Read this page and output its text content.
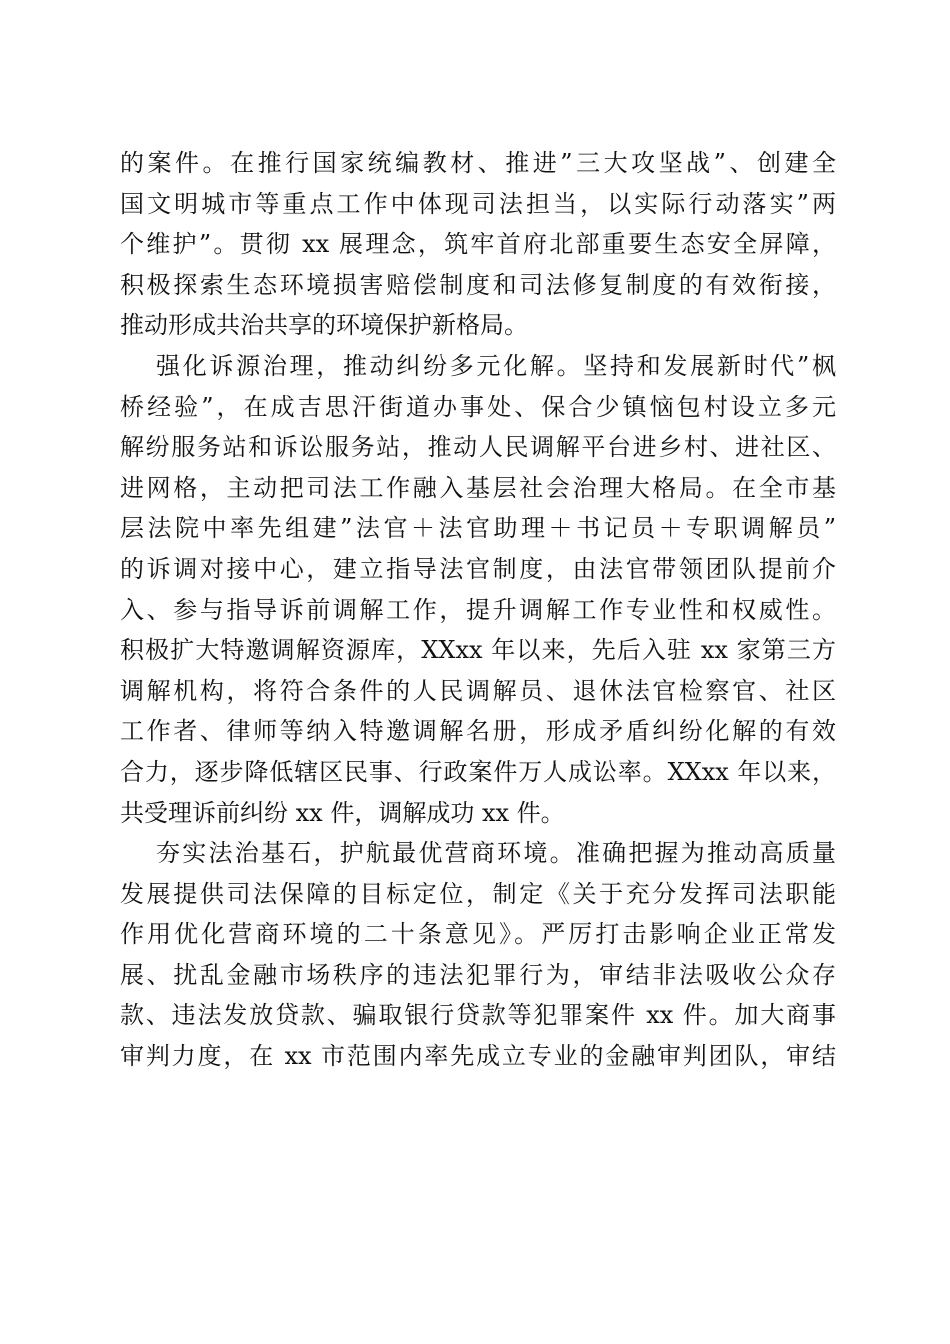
的案件。在推行国家统编教材、推进”三大攻坚战”、创建全
国文明城市等重点工作中体现司法担当，以实际行动落实”两
个维护”。贯彻 xx 展理念，筑牢首府北部重要生态安全屏障，
积极探索生态环境损害赔偿制度和司法修复制度的有效衔接，
推动形成共治共享的环境保护新格局。
强化诉源治理，推动纠纷多元化解。坚持和发展新时代”枫
桥经验”，在成吉思汗街道办事处、保合少镇恼包村设立多元
解纷服务站和诉讼服务站，推动人民调解平台进乡村、进社区、
进网格，主动把司法工作融入基层社会治理大格局。在全市基
层法院中率先组建”法官＋法官助理＋书记员＋专职调解员”
的诉调对接中心，建立指导法官制度，由法官带领团队提前介
入、参与指导诉前调解工作，提升调解工作专业性和权威性。
积极扩大特邀调解资源库，XXxx 年以来，先后入驻 xx 家第三方
调解机构，将符合条件的人民调解员、退休法官检察官、社区
工作者、律师等纳入特邀调解名册，形成矛盾纠纷化解的有效
合力，逐步降低辖区民事、行政案件万人成讼率。XXxx 年以来，
共受理诉前纠纷 xx 件，调解成功 xx 件。
夯实法治基石，护航最优营商环境。准确把握为推动高质量
发展提供司法保障的目标定位，制定《关于充分发挥司法职能
作用优化营商环境的二十条意见》。严厉打击影响企业正常发
展、扰乱金融市场秩序的违法犯罪行为，审结非法吸收公众存
款、违法发放贷款、骗取银行贷款等犯罪案件 xx 件。加大商事
审判力度，在 xx 市范围内率先成立专业的金融审判团队，审结
